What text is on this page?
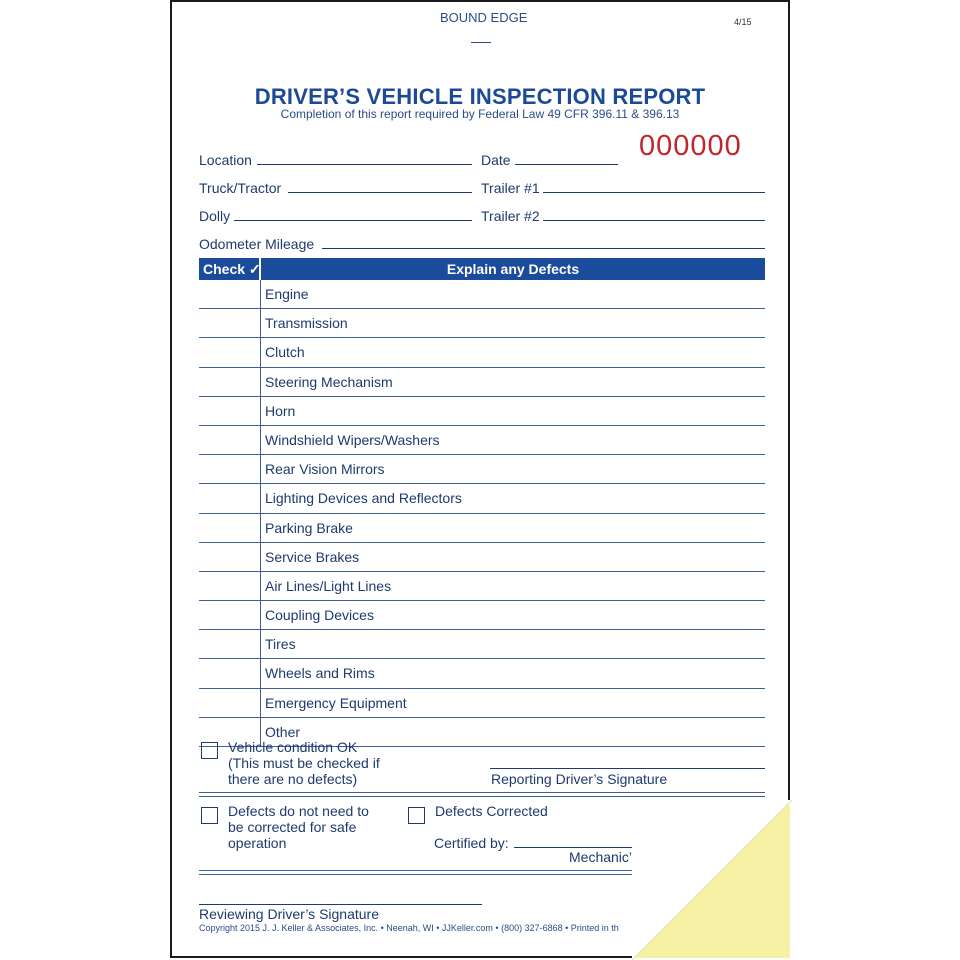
BOUND EDGE	4/15
DRIVER’S VEHICLE INSPECTION REPORT
Completion of this report required by Federal Law 49 CFR 396.11 & 396.13
000000
Location	Date
Truck/Tractor	Trailer #1
Dolly	Trailer #2
Odometer Mileage
Check ✓	Explain any Defects
Engine
Transmission
Clutch
Steering Mechanism
Horn
Windshield Wipers/Washers
Rear Vision Mirrors
Lighting Devices and Reflectors
Parking Brake
Service Brakes
Air Lines/Light Lines
Coupling Devices
Tires
Wheels and Rims
Emergency Equipment
Other
Vehicle condition OK
(This must be checked if
there are no defects)	Reporting Driver’s Signature
Defects do not need to
be corrected for safe
operation
Defects Corrected
Certified by:
Mechanic’
Reviewing Driver’s Signature
Copyright 2015 J. J. Keller & Associates, Inc. • Neenah, WI • JJKeller.com • (800) 327-6868 • Printed in th
